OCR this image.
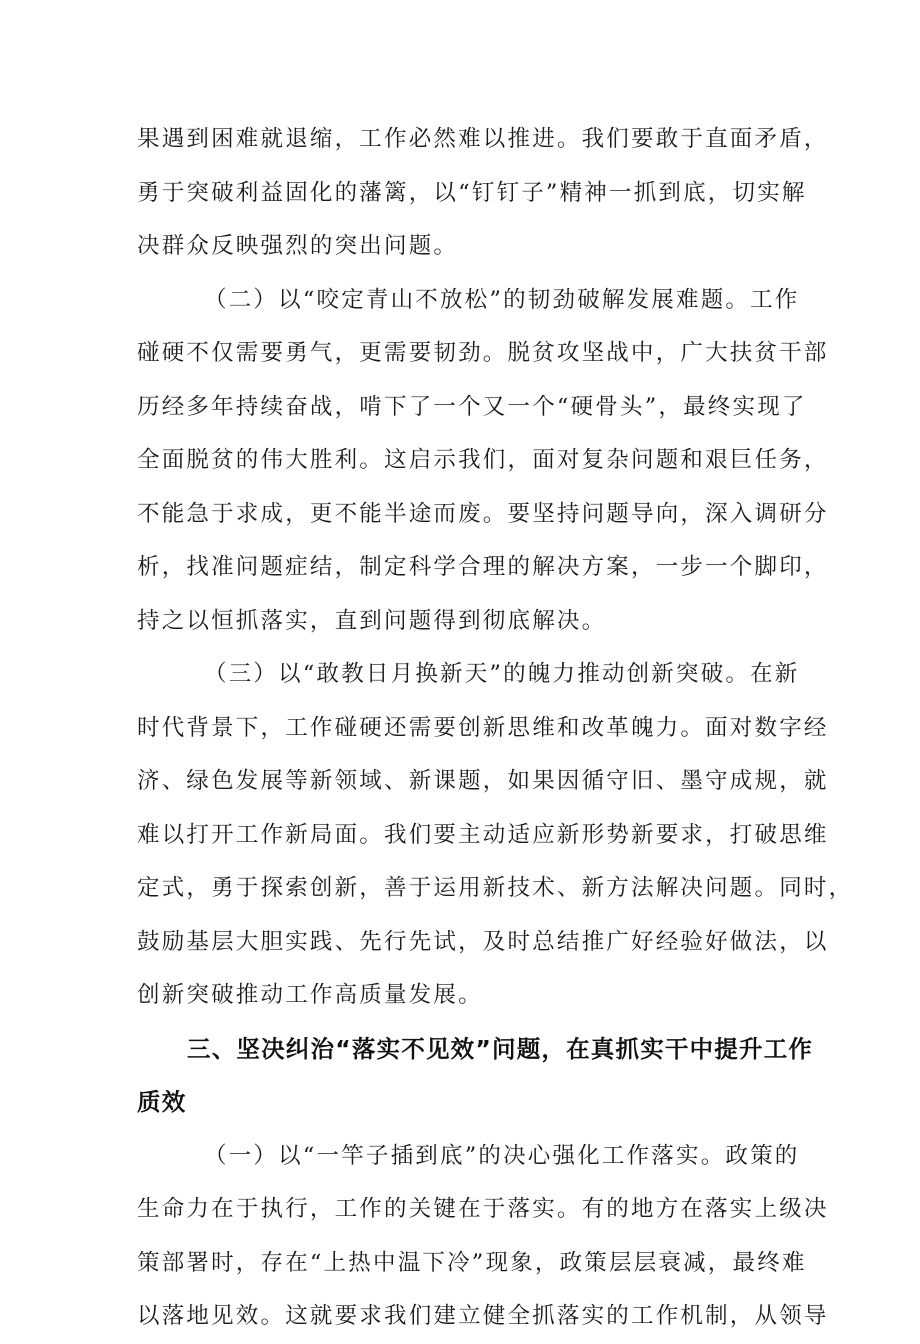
果遇到困难就退缩，工作必然难以推进。我们要敢于直面矛盾，
勇于突破利益固化的藩篱，以“钉钉子”精神一抓到底，切实解
决群众反映强烈的突出问题。
（二）以“咬定青山不放松”的韧劲破解发展难题。工作
碰硬不仅需要勇气，更需要韧劲。脱贫攻坚战中，广大扶贫干部
历经多年持续奋战，啃下了一个又一个“硬骨头”，最终实现了
全面脱贫的伟大胜利。这启示我们，面对复杂问题和艰巨任务，
不能急于求成，更不能半途而废。要坚持问题导向，深入调研分
析，找准问题症结，制定科学合理的解决方案，一步一个脚印，
持之以恒抓落实，直到问题得到彻底解决。
（三）以“敢教日月换新天”的魄力推动创新突破。在新
时代背景下，工作碰硬还需要创新思维和改革魄力。面对数字经
济、绿色发展等新领域、新课题，如果因循守旧、墨守成规，就
难以打开工作新局面。我们要主动适应新形势新要求，打破思维
定式，勇于探索创新，善于运用新技术、新方法解决问题。同时，
鼓励基层大胆实践、先行先试，及时总结推广好经验好做法，以
创新突破推动工作高质量发展。
三、坚决纠治“落实不见效”问题，在真抓实干中提升工作
质效
（一）以“一竿子插到底”的决心强化工作落实。政策的
生命力在于执行，工作的关键在于落实。有的地方在落实上级决
策部署时，存在“上热中温下冷”现象，政策层层衰减，最终难
以落地见效。这就要求我们建立健全抓落实的工作机制，从领导
